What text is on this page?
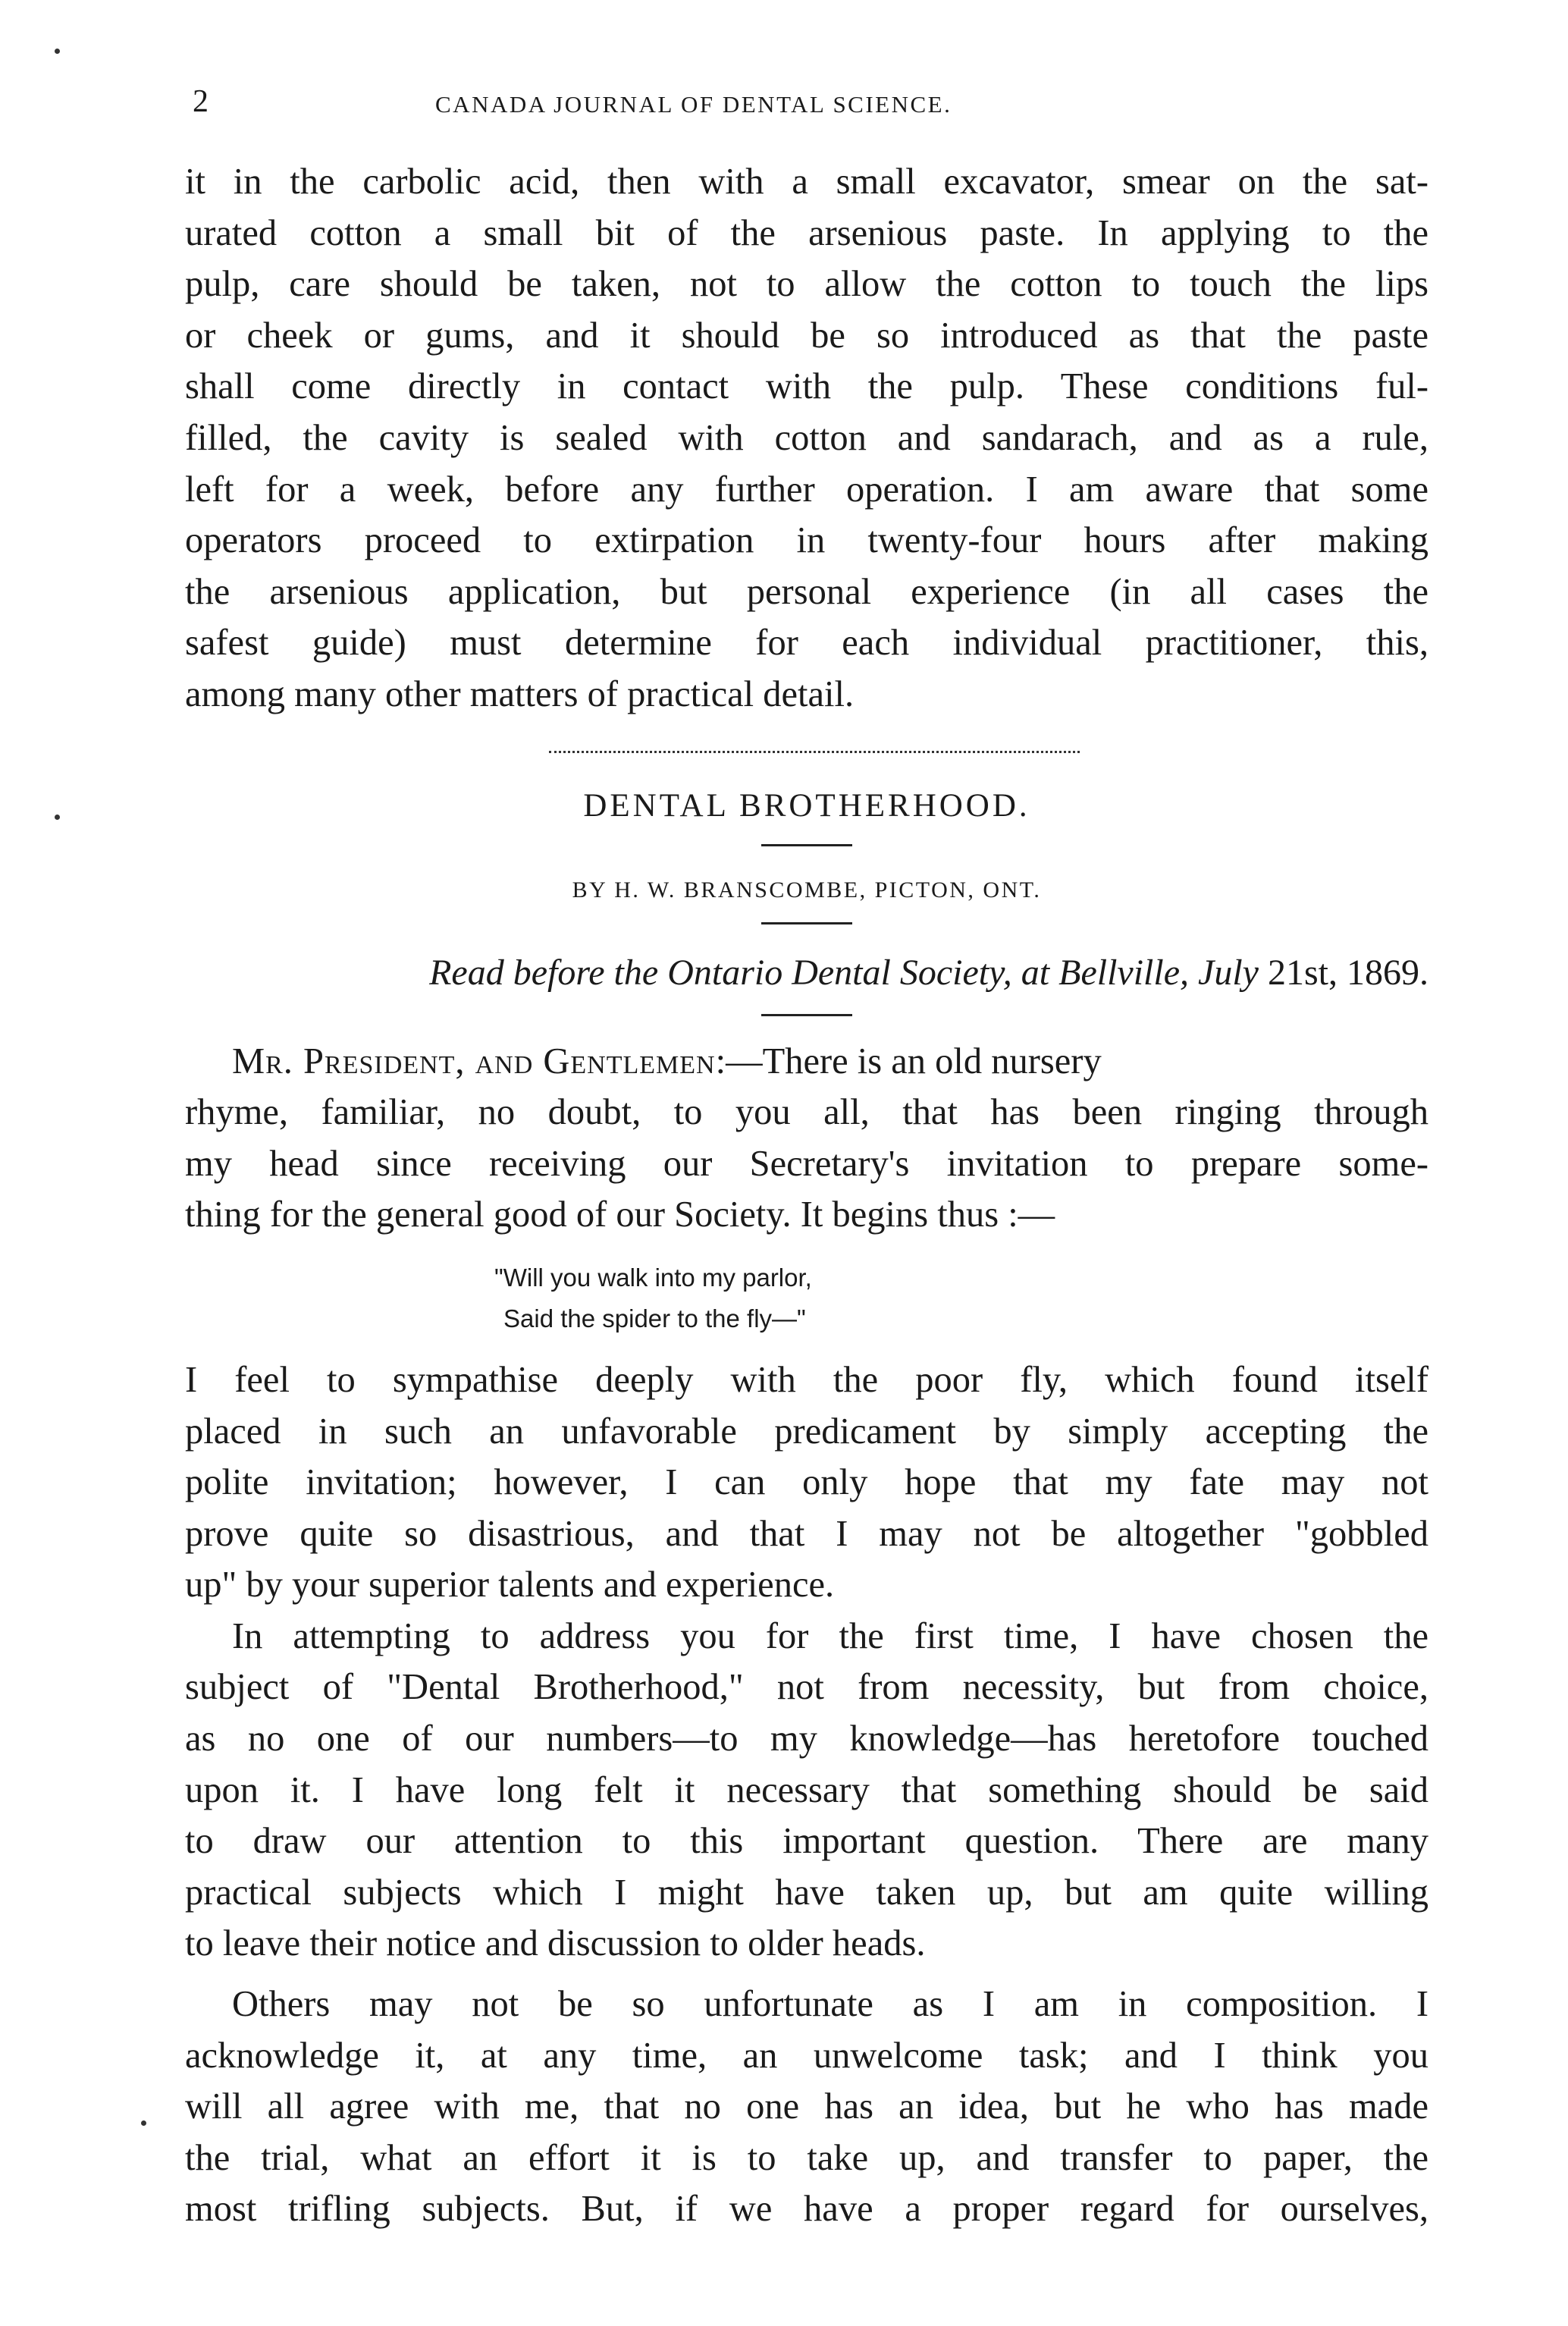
2	CANADA JOURNAL OF DENTAL SCIENCE.

it in the carbolic acid, then with a small excavator, smear on the sat-
urated cotton a small bit of the arsenious paste. In applying to the
pulp, care should be taken, not to allow the cotton to touch the lips
or cheek or gums, and it should be so introduced as that the paste
shall come directly in contact with the pulp. These conditions ful-
filled, the cavity is sealed with cotton and sandarach, and as a rule,
left for a week, before any further operation. I am aware that some
operators proceed to extirpation in twenty-four hours after making
the arsenious application, but personal experience (in all cases the
safest guide) must determine for each individual practitioner, this,
among many other matters of practical detail.

DENTAL BROTHERHOOD.
BY H. W. BRANSCOMBE, PICTON, ONT.
Read before the Ontario Dental Society, at Bellville, July 21st, 1869.

Mr. President, and Gentlemen:—There is an old nursery
rhyme, familiar, no doubt, to you all, that has been ringing through
my head since receiving our Secretary's invitation to prepare some-
thing for the general good of our Society. It begins thus :—

"Will you walk into my parlor,
Said the spider to the fly—"

I feel to sympathise deeply with the poor fly, which found itself
placed in such an unfavorable predicament by simply accepting the
polite invitation; however, I can only hope that my fate may not
prove quite so disastrious, and that I may not be altogether "gobbled
up" by your superior talents and experience.

In attempting to address you for the first time, I have chosen the
subject of "Dental Brotherhood," not from necessity, but from choice,
as no one of our numbers—to my knowledge—has heretofore touched
upon it. I have long felt it necessary that something should be said
to draw our attention to this important question. There are many
practical subjects which I might have taken up, but am quite willing
to leave their notice and discussion to older heads.

Others may not be so unfortunate as I am in composition. I
acknowledge it, at any time, an unwelcome task; and I think you
will all agree with me, that no one has an idea, but he who has made
the trial, what an effort it is to take up, and transfer to paper, the
most trifling subjects. But, if we have a proper regard for ourselves,
